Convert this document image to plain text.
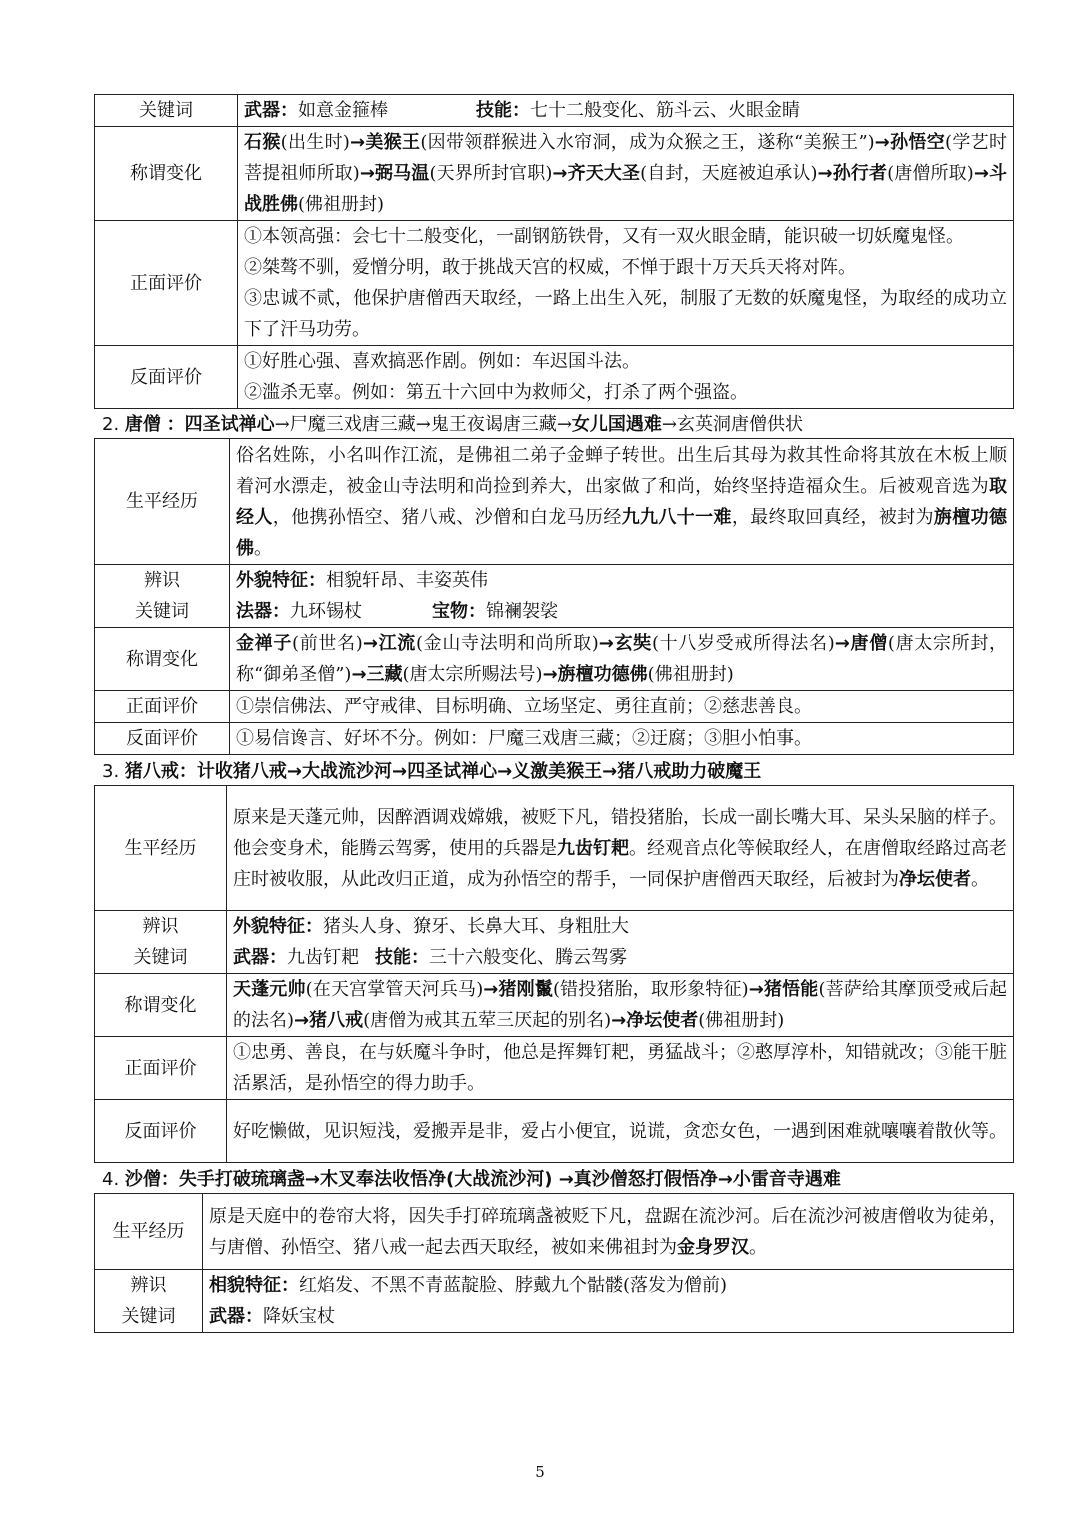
关键词	武器：如意金箍棒 技能：七十二般变化、筋斗云、火眼金睛
称谓变化	石猴(出生时)→美猴王(因带领群猴进入水帘洞，成为众猴之王，遂称“美猴王”)→孙悟空(学艺时菩提祖师所取)→弼马温(天界所封官职)→齐天大圣(自封，天庭被迫承认)→孙行者(唐僧所取)→斗战胜佛(佛祖册封)
正面评价	①本领高强：会七十二般变化，一副钢筋铁骨，又有一双火眼金睛，能识破一切妖魔鬼怪。
②桀骜不驯，爱憎分明，敢于挑战天宫的权威，不惮于跟十万天兵天将对阵。
③忠诚不贰，他保护唐僧西天取经，一路上出生入死，制服了无数的妖魔鬼怪，为取经的成功立下了汗马功劳。

反面评价	①好胜心强、喜欢搞恶作剧。例如：车迟国斗法。
②滥杀无辜。例如：第五十六回中为救师父，打杀了两个强盗。
2. 唐僧 ：四圣试禅心→尸魔三戏唐三藏→鬼王夜谒唐三藏→女儿国遇难→玄英洞唐僧供状
生平经历	俗名姓陈，小名叫作江流，是佛祖二弟子金蝉子转世。出生后其母为救其性命将其放在木板上顺着河水漂走，被金山寺法明和尚捡到养大，出家做了和尚，始终坚持造福众生。后被观音选为取经人，他携孙悟空、猪八戒、沙僧和白龙马历经九九八十一难，最终取回真经，被封为旃檀功德佛。

辨识
关键词	外貌特征：相貌轩昂、丰姿英伟
法器：九环锡杖 宝物：锦襕袈裟

称谓变化	金禅子(前世名)→江流(金山寺法明和尚所取)→玄奘(十八岁受戒所得法名)→唐僧(唐太宗所封，称“御弟圣僧”)→三藏(唐太宗所赐法号)→旃檀功德佛(佛祖册封)
正面评价	①崇信佛法、严守戒律、目标明确、立场坚定、勇往直前；②慈悲善良。
反面评价	①易信谗言、好坏不分。例如：尸魔三戏唐三藏；②迂腐；③胆小怕事。
3. 猪八戒：计收猪八戒→大战流沙河→四圣试禅心→义激美猴王→猪八戒助力破魔王
生平经历	原来是天蓬元帅，因醉酒调戏嫦娥，被贬下凡，错投猪胎，长成一副长嘴大耳、呆头呆脑的样子。他会变身术，能腾云驾雾，使用的兵器是九齿钉耙。经观音点化等候取经人，在唐僧取经路过高老庄时被收服，从此改归正道，成为孙悟空的帮手，一同保护唐僧西天取经，后被封为净坛使者。

辨识
关键词	外貌特征：猪头人身、獠牙、长鼻大耳、身粗肚大
武器：九齿钉耙 技能：三十六般变化、腾云驾雾

称谓变化	天蓬元帅(在天宫掌管天河兵马)→猪刚鬣(错投猪胎，取形象特征)→猪悟能(菩萨给其摩顶受戒后起的法名)→猪八戒(唐僧为戒其五荤三厌起的别名)→净坛使者(佛祖册封)
正面评价	①忠勇、善良，在与妖魔斗争时，他总是挥舞钉耙，勇猛战斗；②憨厚淳朴，知错就改；③能干脏活累活，是孙悟空的得力助手。
反面评价	好吃懒做，见识短浅，爱搬弄是非，爱占小便宜，说谎，贪恋女色，一遇到困难就嚷嚷着散伙等。
4. 沙僧：失手打破琉璃盏→木叉奉法收悟净(大战流沙河) →真沙僧怒打假悟净→小雷音寺遇难
生平经历	原是天庭中的卷帘大将，因失手打碎琉璃盏被贬下凡，盘踞在流沙河。后在流沙河被唐僧收为徒弟，与唐僧、孙悟空、猪八戒一起去西天取经，被如来佛祖封为金身罗汉。

辨识
关键词	相貌特征：红焰发、不黑不青蓝靛脸、脖戴九个骷髅(落发为僧前)
武器：降妖宝杖
5
